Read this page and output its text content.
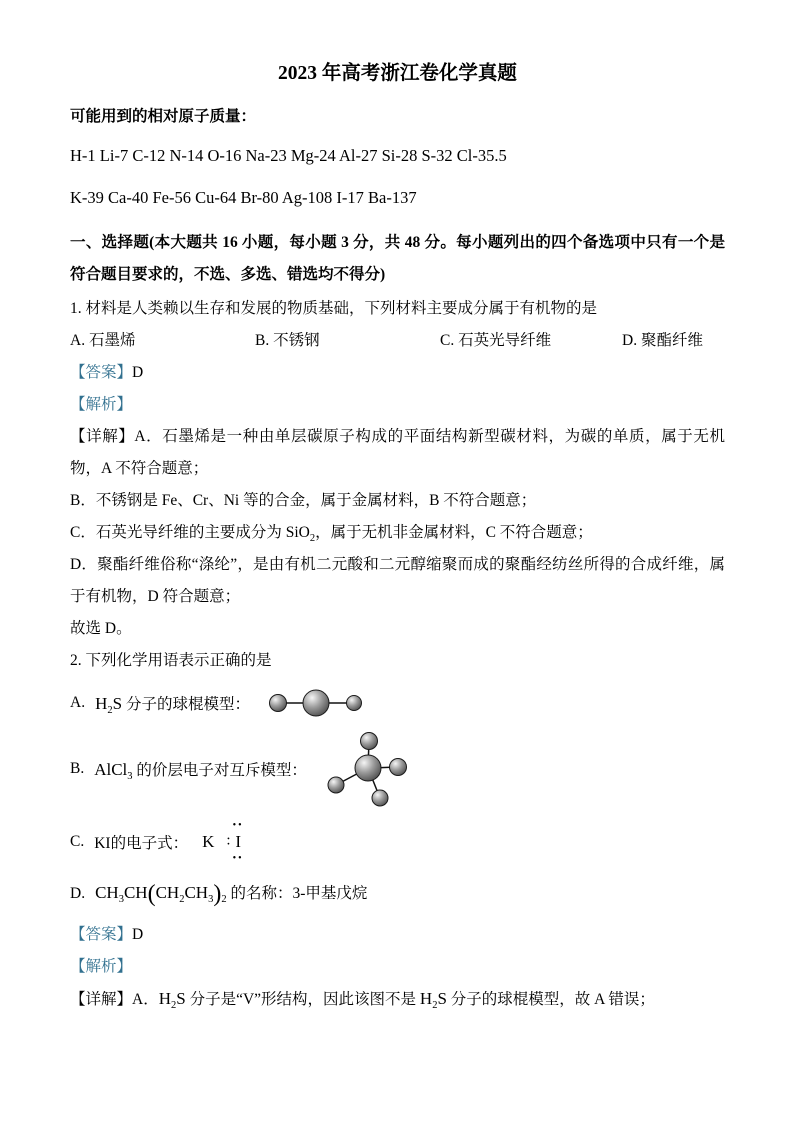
2023 年高考浙江卷化学真题

可能用到的相对原子质量：

H-1 Li-7 C-12 N-14 O-16 Na-23 Mg-24 Al-27 Si-28 S-32 Cl-35.5

K-39 Ca-40 Fe-56 Cu-64 Br-80 Ag-108 I-17 Ba-137

一、选择题(本大题共 16 小题，每小题 3 分，共 48 分。每小题列出的四个备选项中只有一个是符合题目要求的，不选、多选、错选均不得分)

1. 材料是人类赖以生存和发展的物质基础，下列材料主要成分属于有机物的是

A. 石墨烯	B. 不锈钢	C. 石英光导纤维	D. 聚酯纤维

【答案】D

【解析】

【详解】A．石墨烯是一种由单层碳原子构成的平面结构新型碳材料，为碳的单质，属于无机物，A 不符合题意；

B．不锈钢是 Fe、Cr、Ni 等的合金，属于金属材料，B 不符合题意；

C．石英光导纤维的主要成分为 SiO$_2$，属于无机非金属材料，C 不符合题意；

D．聚酯纤维俗称“涤纶”，是由有机二元酸和二元醇缩聚而成的聚酯经纺丝所得的合成纤维，属于有机物，D 符合题意；

故选 D。

2. 下列化学用语表示正确的是

A. $H_2S$ 分子的球棍模型：
B. AlCl$_3$ 的价层电子对互斥模型：
C. KI的电子式： K
••
: I
••
D. $CH_3CH(CH_2CH_3)_2$ 的名称：3-甲基戊烷

【答案】D

【解析】

【详解】A．$H_2S$ 分子是“V”形结构，因此该图不是 $H_2S$ 分子的球棍模型，故 A 错误；
